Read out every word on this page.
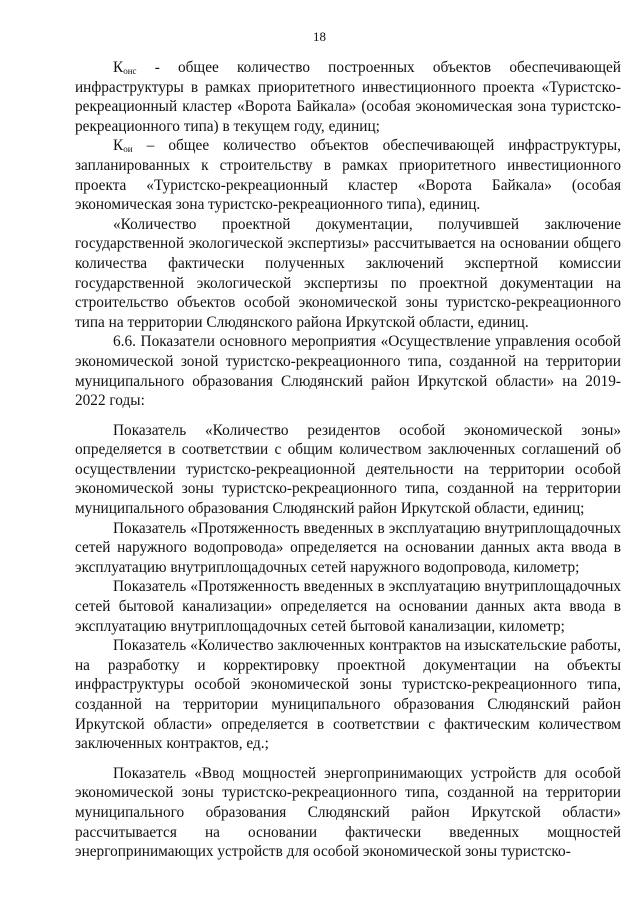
18

$К_{онс}$ - общее количество построенных объектов обеспечивающей инфраструктуры в рамках приоритетного инвестиционного проекта «Туристско-рекреационный кластер «Ворота Байкала» (особая экономическая зона туристско-рекреационного типа) в текущем году, единиц;

$К_{ои}$ – общее количество объектов обеспечивающей инфраструктуры, запланированных к строительству в рамках приоритетного инвестиционного проекта «Туристско-рекреационный кластер «Ворота Байкала» (особая экономическая зона туристско-рекреационного типа), единиц.

«Количество проектной документации, получившей заключение государственной экологической экспертизы» рассчитывается на основании общего количества фактически полученных заключений экспертной комиссии государственной экологической экспертизы по проектной документации на строительство объектов особой экономической зоны туристско-рекреационного типа на территории Слюдянского района Иркутской области, единиц.

6.6. Показатели основного мероприятия «Осуществление управления особой экономической зоной туристско-рекреационного типа, созданной на территории муниципального образования Слюдянский район Иркутской области» на 2019-2022 годы:

Показатель «Количество резидентов особой экономической зоны» определяется в соответствии с общим количеством заключенных соглашений об осуществлении туристско-рекреационной деятельности на территории особой экономической зоны туристско-рекреационного типа, созданной на территории муниципального образования Слюдянский район Иркутской области, единиц;

Показатель «Протяженность введенных в эксплуатацию внутриплощадочных сетей наружного водопровода» определяется на основании данных акта ввода в эксплуатацию внутриплощадочных сетей наружного водопровода, километр;

Показатель «Протяженность введенных в эксплуатацию внутриплощадочных сетей бытовой канализации» определяется на основании данных акта ввода в эксплуатацию внутриплощадочных сетей бытовой канализации, километр;

Показатель «Количество заключенных контрактов на изыскательские работы, на разработку и корректировку проектной документации на объекты инфраструктуры особой экономической зоны туристско-рекреационного типа, созданной на территории муниципального образования Слюдянский район Иркутской области» определяется в соответствии с фактическим количеством заключенных контрактов, ед.;

Показатель «Ввод мощностей энергопринимающих устройств для особой экономической зоны туристско-рекреационного типа, созданной на территории муниципального образования Слюдянский район Иркутской области» рассчитывается на основании фактически введенных мощностей энергопринимающих устройств для особой экономической зоны туристско-
